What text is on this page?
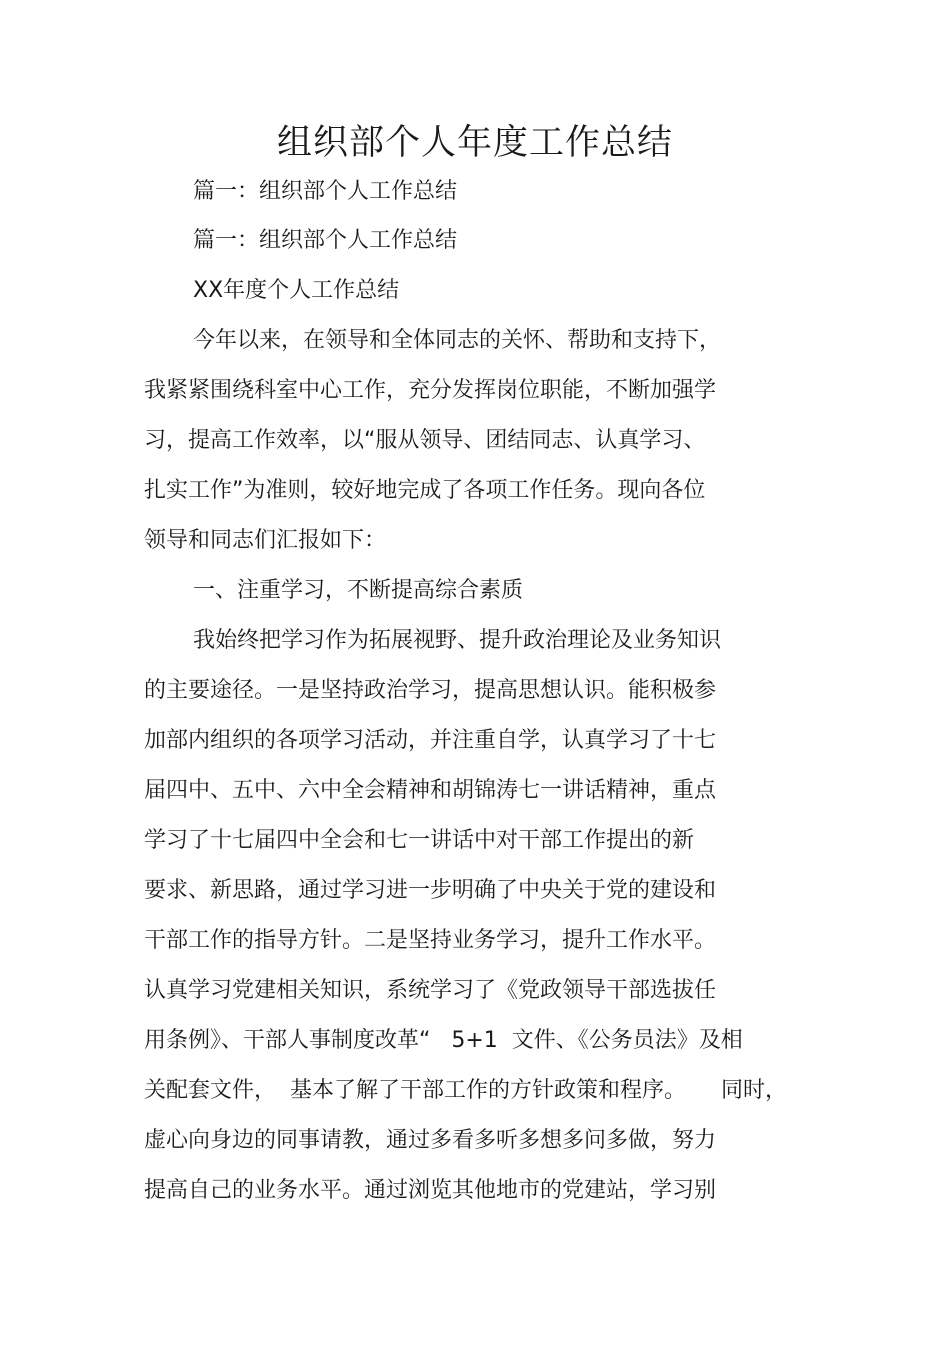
组织部个人年度工作总结
篇一：组织部个人工作总结
篇一：组织部个人工作总结
XX年度个人工作总结
今年以来，在领导和全体同志的关怀、帮助和支持下，
我紧紧围绕科室中心工作，充分发挥岗位职能，不断加强学
习，提高工作效率，以“服从领导、团结同志、认真学习、
扎实工作”为准则，较好地完成了各项工作任务。现向各位
领导和同志们汇报如下：
一、注重学习，不断提高综合素质
我始终把学习作为拓展视野、提升政治理论及业务知识
的主要途径。一是坚持政治学习，提高思想认识。能积极参
加部内组织的各项学习活动，并注重自学，认真学习了十七
届四中、五中、六中全会精神和胡锦涛七一讲话精神，重点
学习了十七届四中全会和七一讲话中对干部工作提出的新
要求、新思路，通过学习进一步明确了中央关于党的建设和
干部工作的指导方针。二是坚持业务学习，提升工作水平。
认真学习党建相关知识，系统学习了《党政领导干部选拔任
用条例》、干部人事制度改革“   5+1  文件、《公务员法》及相
关配套文件，  基本了解了干部工作的方针政策和程序。     同时，
虚心向身边的同事请教，通过多看多听多想多问多做，努力
提高自己的业务水平。通过浏览其他地市的党建站，学习别
